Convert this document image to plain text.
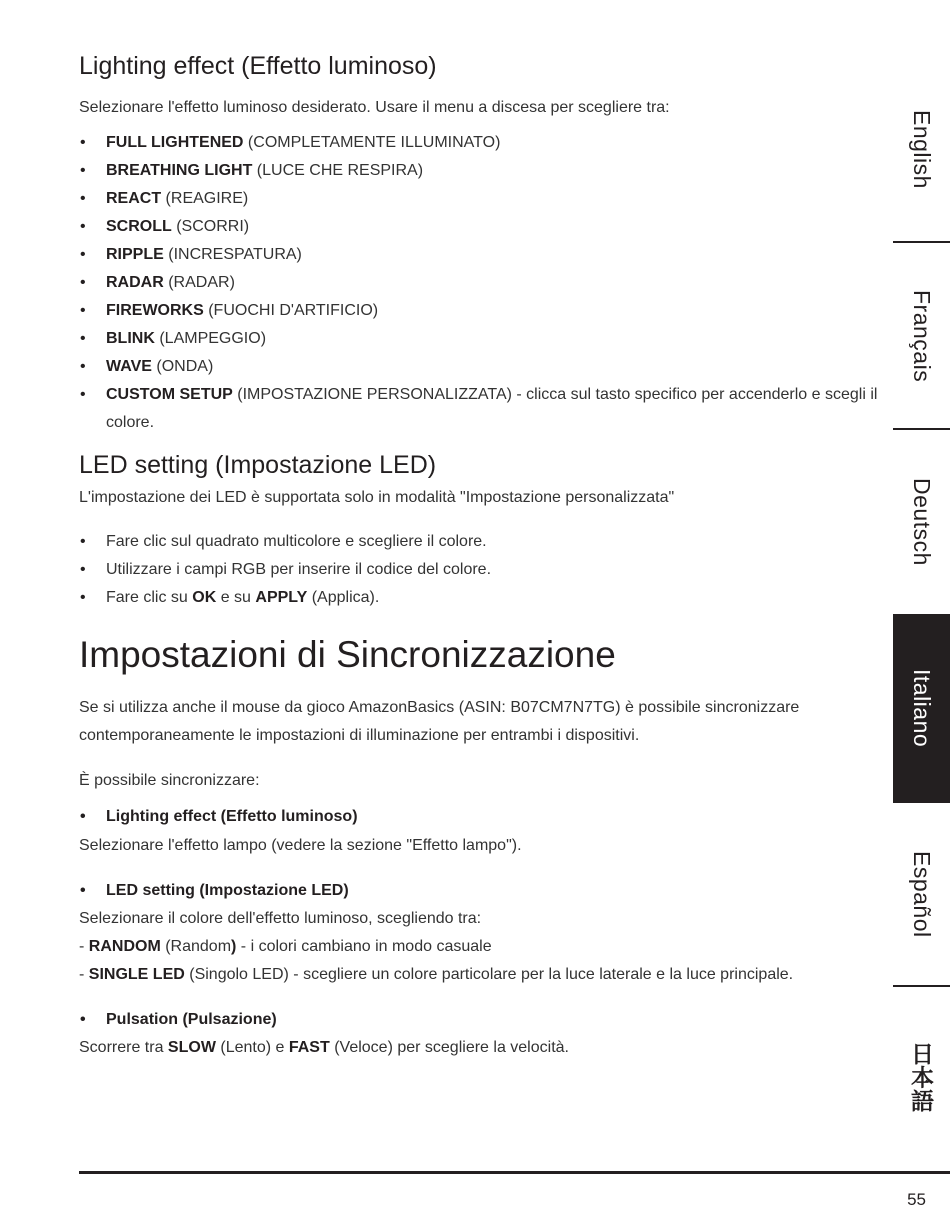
Lighting effect (Effetto luminoso)

Selezionare l'effetto luminoso desiderato. Usare il menu a discesa per scegliere tra:

• FULL LIGHTENED (COMPLETAMENTE ILLUMINATO)
• BREATHING LIGHT (LUCE CHE RESPIRA)
• REACT (REAGIRE)
• SCROLL (SCORRI)
• RIPPLE (INCRESPATURA)
• RADAR (RADAR)
• FIREWORKS (FUOCHI D'ARTIFICIO)
• BLINK (LAMPEGGIO)
• WAVE (ONDA)
• CUSTOM SETUP (IMPOSTAZIONE PERSONALIZZATA) - clicca sul tasto specifico per accenderlo e scegli il colore.
LED setting (Impostazione LED)

L'impostazione dei LED è supportata solo in modalità "Impostazione personalizzata"

• Fare clic sul quadrato multicolore e scegliere il colore.
• Utilizzare i campi RGB per inserire il codice del colore.
• Fare clic su OK e su APPLY (Applica).
Impostazioni di Sincronizzazione

Se si utilizza anche il mouse da gioco AmazonBasics (ASIN: B07CM7N7TG) è possibile sincronizzare contemporaneamente le impostazioni di illuminazione per entrambi i dispositivi.

È possibile sincronizzare:

• Lighting effect (Effetto luminoso)

Selezionare l'effetto lampo (vedere la sezione "Effetto lampo").

• LED setting (Impostazione LED)

Selezionare il colore dell'effetto luminoso, scegliendo tra:

- RANDOM (Random) - i colori cambiano in modo casuale

- SINGLE LED (Singolo LED) - scegliere un colore particolare per la luce laterale e la luce principale.

• Pulsation (Pulsazione)

Scorrere tra SLOW (Lento) e FAST (Veloce) per scegliere la velocità.

English
Français
Deutsch
Italiano
Español
日本語
55
